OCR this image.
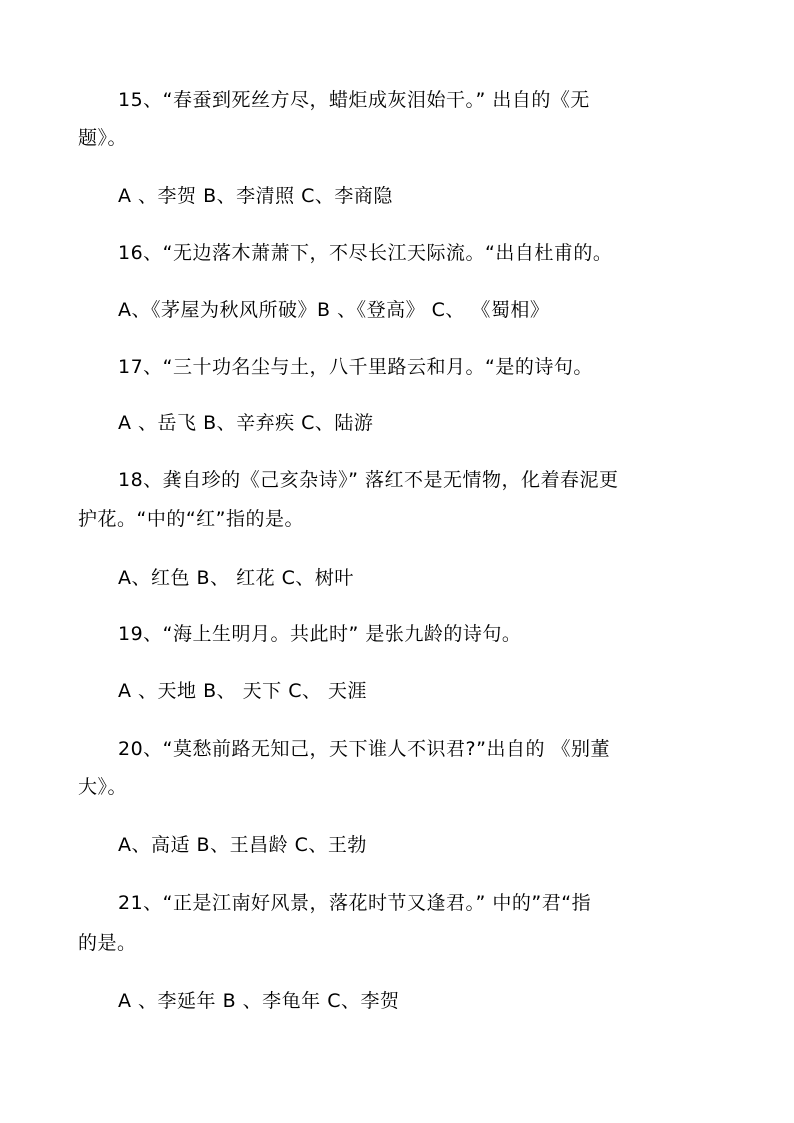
15、“春蚕到死丝方尽，蜡炬成灰泪始干。” 出自的《无
题》。
A 、李贺 B、李清照 C、李商隐
16、“无边落木萧萧下，不尽长江天际流。“出自杜甫的。
A、《茅屋为秋风所破》B 、《登高》 C、 《蜀相》
17、“三十功名尘与土，八千里路云和月。“是的诗句。
A 、岳飞 B、辛弃疾 C、陆游
18、龚自珍的《己亥杂诗》” 落红不是无情物，化着春泥更
护花。“中的“红”指的是。
A、红色 B、 红花 C、树叶
19、“海上生明月。共此时” 是张九龄的诗句。
A 、天地 B、 天下 C、 天涯
20、“莫愁前路无知己，天下谁人不识君?”出自的 《别董
大》。
A、高适 B、王昌龄 C、王勃
21、“正是江南好风景，落花时节又逢君。” 中的”君“指
的是。
A 、李延年 B 、李龟年 C、李贺
